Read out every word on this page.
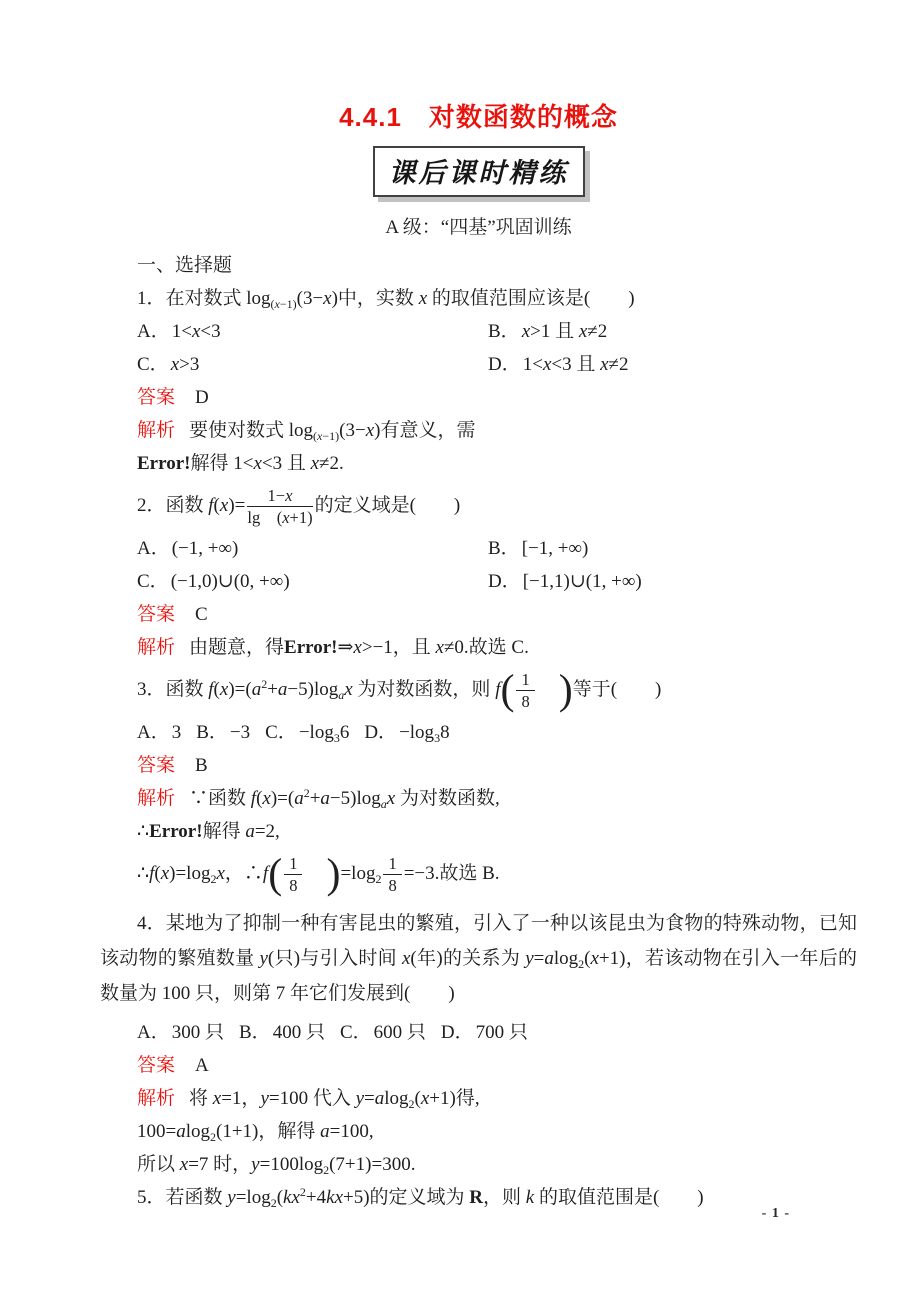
4.4.1　对数函数的概念
课后课时精练
A 级：“四基”巩固训练
一、选择题
1．在对数式 $\log_{(x-1)}(3-x)$中，实数 x 的取值范围应该是(　　)
A． 1<x<3	B． x>1 且 x≠2
C． x>3	D． 1<x<3 且 x≠2
答案 D
解析 要使对数式 $\log_{(x-1)}(3-x)$有意义，需
Error!解得 1<x<3 且 x≠2.
2．函数 $f(x)= \frac{1-x}{\lg (x+1)}$ 的定义域是(　　)
A． (−1, +∞)	B． [−1, +∞)
C． (−1,0)∪(0, +∞)	D． [−1,1)∪(1, +∞)
答案 C
解析 由题意，得Error!⇒x>−1，且 x≠0.故选 C.
3．函数 $f(x)=(a^2+a-5)\log_ax$ 为对数函数，则 $f( \frac{1}{8}$ )等于(　　)
A． 3 B． −3 C． $-\log_36$ D． $-\log_38$
答案 B
解析 ∵函数 $f(x)=(a^2+a-5)\log_ax$ 为对数函数,
∴Error!解得 a=2,
$\therefore f(x)=\log_2x$，∴f( $\frac{1}{8} )=\log_2 \frac{1}{8} =-3$.故选 B.
4．某地为了抑制一种有害昆虫的繁殖，引入了一种以该昆虫为食物的特殊动物，已知该动物的繁殖数量 y(只)与引入时间 x(年)的关系为 y=alog$_2$(x+1)，若该动物在引入一年后的数量为 100 只，则第 7 年它们发展到(　　)
A． 300 只 B． 400 只 C． 600 只 D． 700 只
答案 A
解析 将 x=1，y=100 代入 y=alog$_2$(x+1)得,
100=alog$_2$(1+1)，解得 a=100,
所以 x=7 时，$y=100\log_2(7+1)=300$.
5．若函数 $y=\log_2(kx^2+4kx+5)$的定义域为 R，则 k 的取值范围是(　　)
- 1 -
